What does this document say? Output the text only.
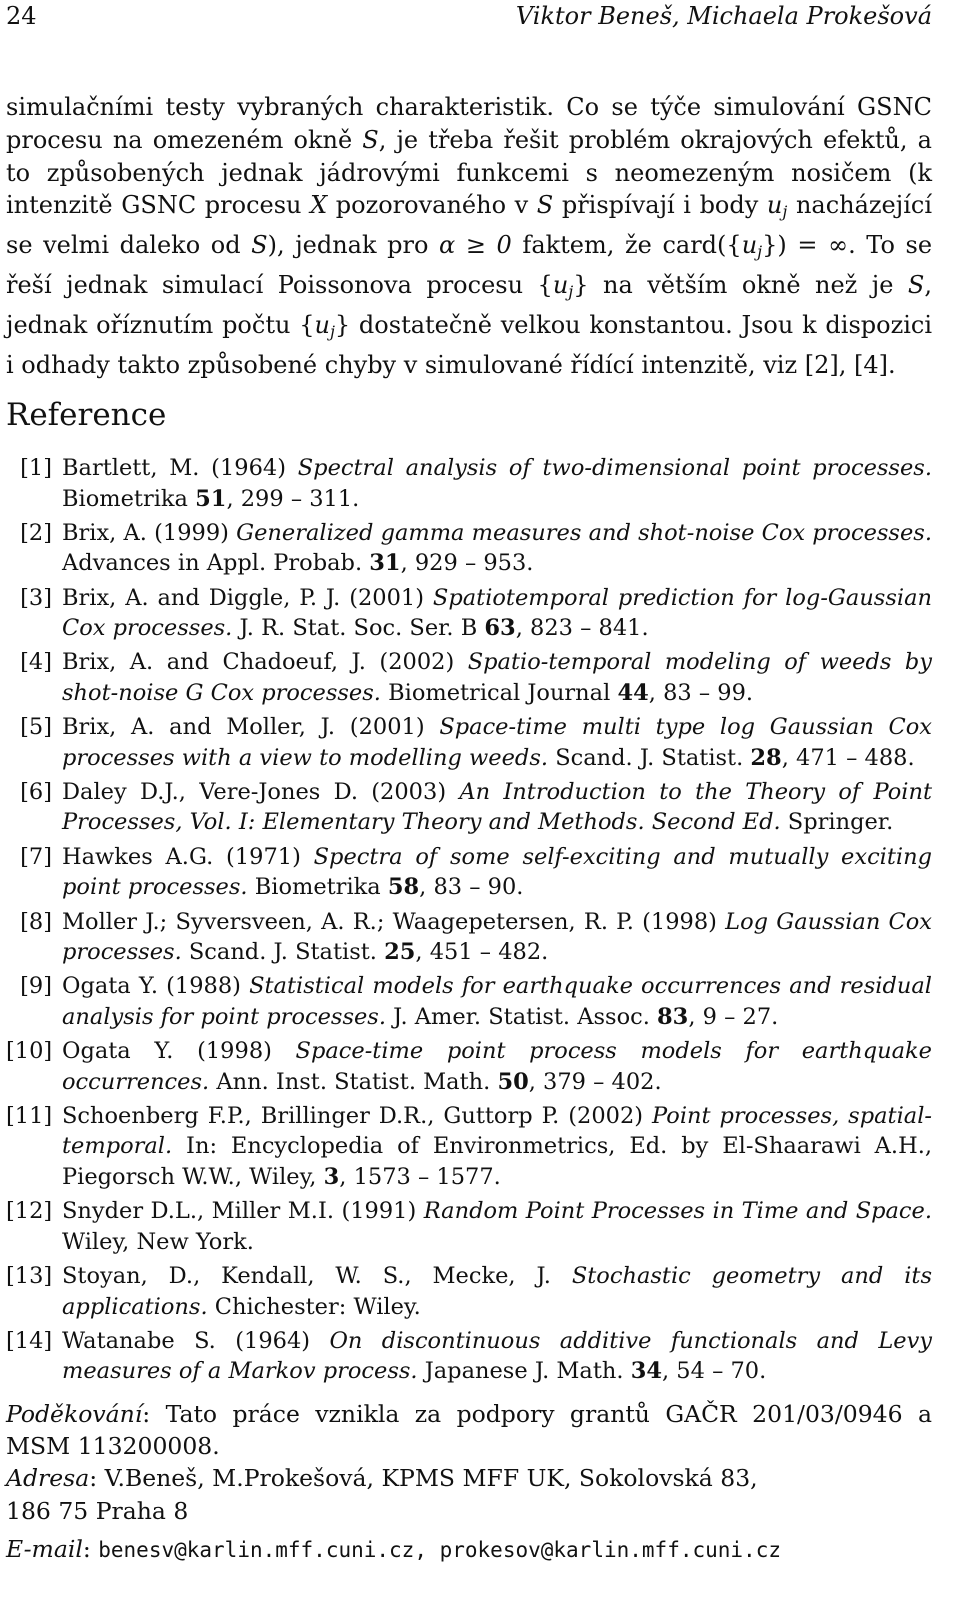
24	Viktor Beneš, Michaela Prokešová

simulačními testy vybraných charakteristik. Co se týče simulování GSNC procesu na omezeném okně S, je třeba řešit problém okrajových efektů, a to způsobených jednak jádrovými funkcemi s neomezeným nosičem (k intenzitě GSNC procesu X pozorovaného v S přispívají i body $u_j$ nacházející se velmi daleko od S), jednak pro α ≥ 0 faktem, že $card(\{u_j\})$ = ∞. To se řeší jednak simulací Poissonova procesu $\{u_j\}$ na větším okně než je S, jednak oříznutím počtu $\{u_j\}$ dostatečně velkou konstantou. Jsou k dispozici i odhady takto způsobené chyby v simulované řídící intenzitě, viz [2], [4].

Reference
[1] Bartlett, M. (1964) Spectral analysis of two-dimensional point processes. Biometrika 51, 299 – 311.
[2] Brix, A. (1999) Generalized gamma measures and shot-noise Cox processes. Advances in Appl. Probab. 31, 929 – 953.
[3] Brix, A. and Diggle, P. J. (2001) Spatiotemporal prediction for log-Gaussian Cox processes. J. R. Stat. Soc. Ser. B 63, 823 – 841.
[4] Brix, A. and Chadoeuf, J. (2002) Spatio-temporal modeling of weeds by shot-noise G Cox processes. Biometrical Journal 44, 83 – 99.
[5] Brix, A. and Moller, J. (2001) Space-time multi type log Gaussian Cox processes with a view to modelling weeds. Scand. J. Statist. 28, 471 – 488.
[6] Daley D.J., Vere-Jones D. (2003) An Introduction to the Theory of Point Processes, Vol. I: Elementary Theory and Methods. Second Ed. Springer.
[7] Hawkes A.G. (1971) Spectra of some self-exciting and mutually exciting point processes. Biometrika 58, 83 – 90.
[8] Moller J.; Syversveen, A. R.; Waagepetersen, R. P. (1998) Log Gaussian Cox processes. Scand. J. Statist. 25, 451 – 482.
[9] Ogata Y. (1988) Statistical models for earthquake occurrences and residual analysis for point processes. J. Amer. Statist. Assoc. 83, 9 – 27.
[10] Ogata Y. (1998) Space-time point process models for earthquake occurrences. Ann. Inst. Statist. Math. 50, 379 – 402.
[11] Schoenberg F.P., Brillinger D.R., Guttorp P. (2002) Point processes, spatial-temporal. In: Encyclopedia of Environmetrics, Ed. by El-Shaarawi A.H., Piegorsch W.W., Wiley, 3, 1573 – 1577.
[12] Snyder D.L., Miller M.I. (1991) Random Point Processes in Time and Space. Wiley, New York.
[13] Stoyan, D., Kendall, W. S., Mecke, J. Stochastic geometry and its applications. Chichester: Wiley.
[14] Watanabe S. (1964) On discontinuous additive functionals and Levy measures of a Markov process. Japanese J. Math. 34, 54 – 70.

Poděkování: Tato práce vznikla za podpory grantů GAČR 201/03/0946 a MSM 113200008.

Adresa: V.Beneš, M.Prokešová, KPMS MFF UK, Sokolovská 83,
186 75 Praha 8

E-mail: benesv@karlin.mff.cuni.cz, prokesov@karlin.mff.cuni.cz
